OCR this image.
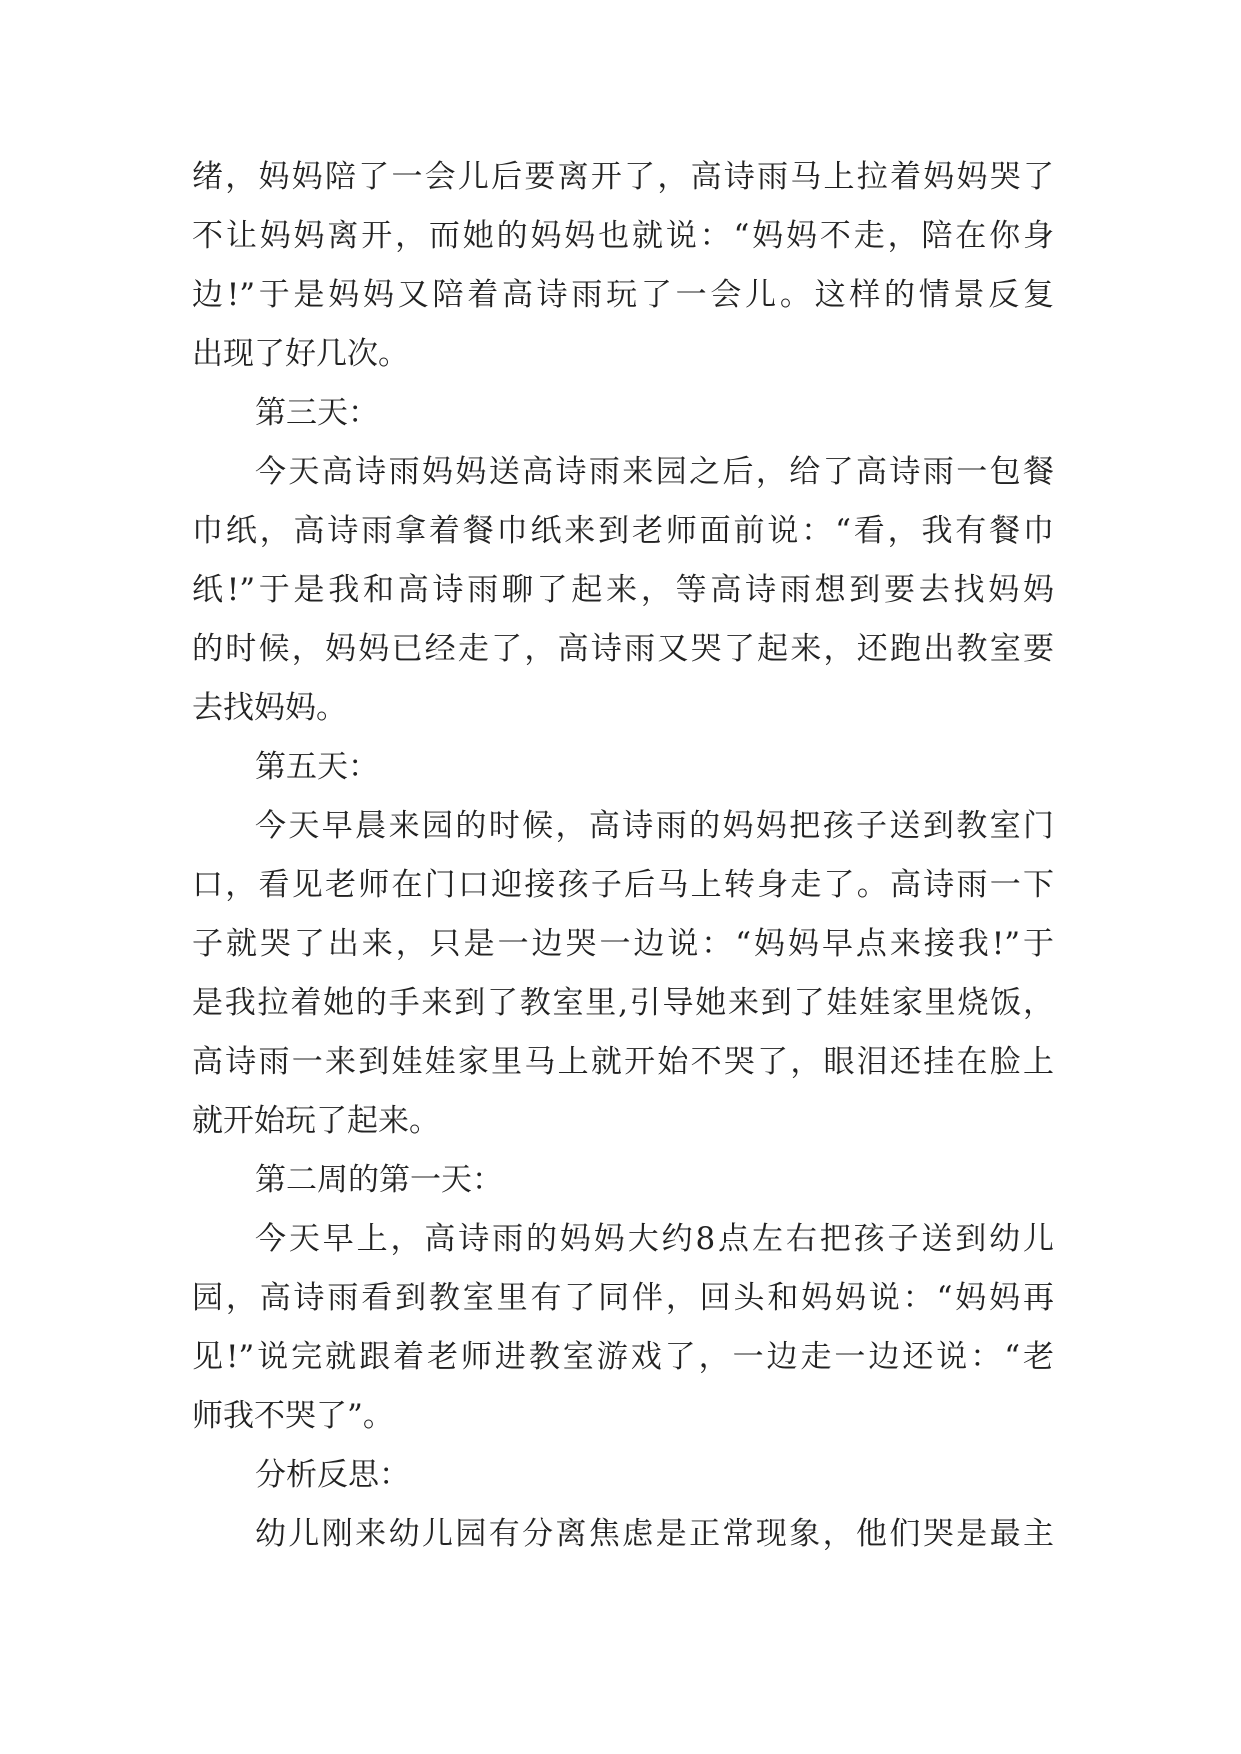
绪，妈妈陪了一会儿后要离开了，高诗雨马上拉着妈妈哭了
不让妈妈离开，而她的妈妈也就说：“妈妈不走，陪在你身
边!”于是妈妈又陪着高诗雨玩了一会儿。这样的情景反复
出现了好几次。
第三天：
今天高诗雨妈妈送高诗雨来园之后，给了高诗雨一包餐
巾纸，高诗雨拿着餐巾纸来到老师面前说：“看，我有餐巾
纸!”于是我和高诗雨聊了起来，等高诗雨想到要去找妈妈
的时候，妈妈已经走了，高诗雨又哭了起来，还跑出教室要
去找妈妈。
第五天：
今天早晨来园的时候，高诗雨的妈妈把孩子送到教室门
口，看见老师在门口迎接孩子后马上转身走了。高诗雨一下
子就哭了出来，只是一边哭一边说：“妈妈早点来接我!”于
是我拉着她的手来到了教室里,引导她来到了娃娃家里烧饭，
高诗雨一来到娃娃家里马上就开始不哭了，眼泪还挂在脸上
就开始玩了起来。
第二周的第一天：
今天早上，高诗雨的妈妈大约8点左右把孩子送到幼儿
园，高诗雨看到教室里有了同伴，回头和妈妈说：“妈妈再
见!”说完就跟着老师进教室游戏了，一边走一边还说：“老
师我不哭了”。
分析反思：
幼儿刚来幼儿园有分离焦虑是正常现象，他们哭是最主
